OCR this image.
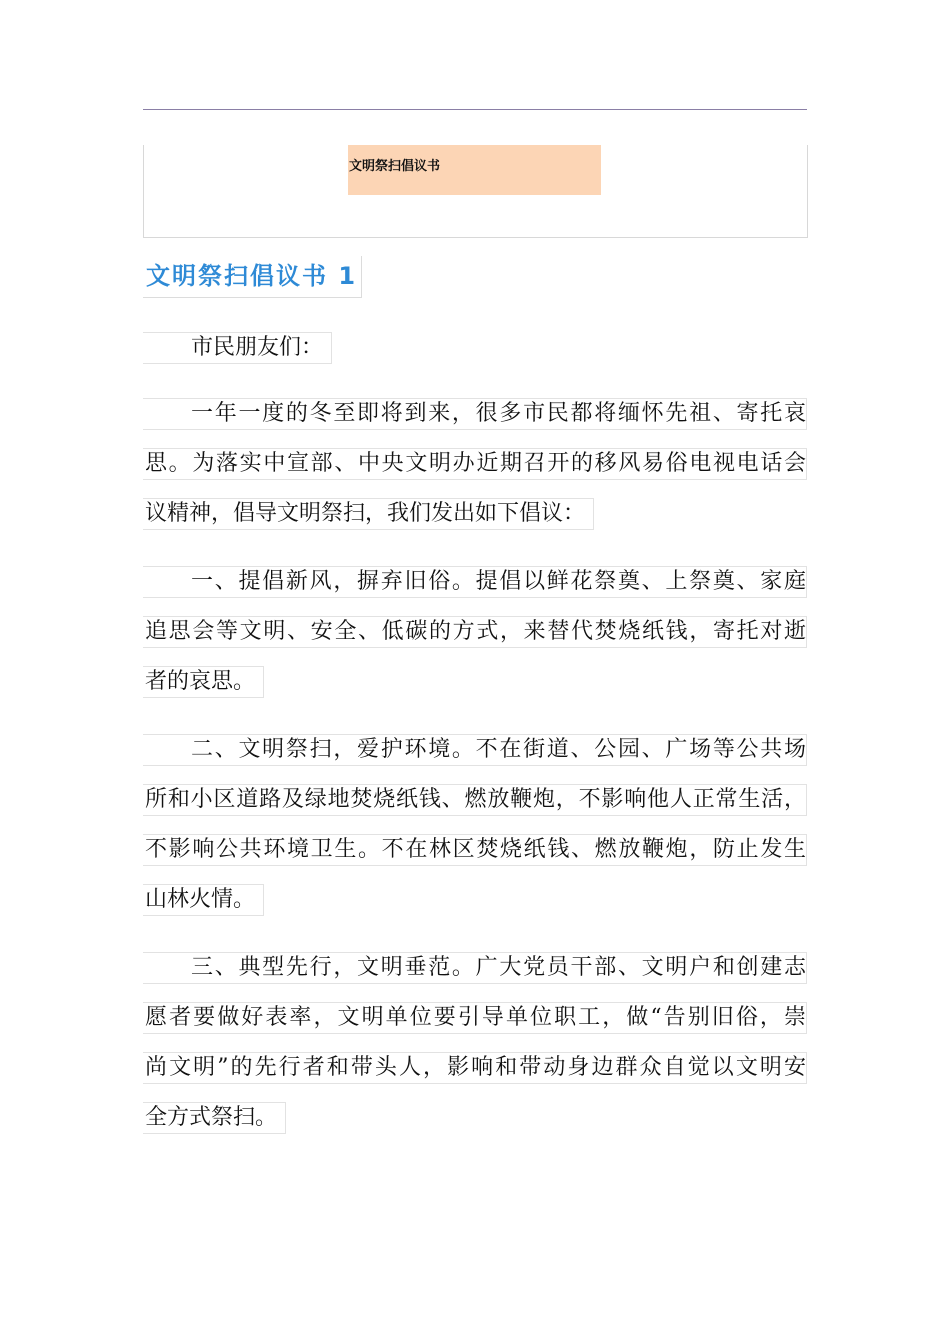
文明祭扫倡议书
文明祭扫倡议书 1
市民朋友们：
一年一度的冬至即将到来，很多市民都将缅怀先祖、寄托哀
思。为落实中宣部、中央文明办近期召开的移风易俗电视电话会
议精神，倡导文明祭扫，我们发出如下倡议：
一、提倡新风，摒弃旧俗。提倡以鲜花祭奠、上祭奠、家庭
追思会等文明、安全、低碳的方式，来替代焚烧纸钱，寄托对逝
者的哀思。
二、文明祭扫，爱护环境。不在街道、公园、广场等公共场
所和小区道路及绿地焚烧纸钱、燃放鞭炮，不影响他人正常生活，
不影响公共环境卫生。不在林区焚烧纸钱、燃放鞭炮，防止发生
山林火情。
三、典型先行，文明垂范。广大党员干部、文明户和创建志
愿者要做好表率，文明单位要引导单位职工，做“告别旧俗，崇
尚文明”的先行者和带头人，影响和带动身边群众自觉以文明安
全方式祭扫。
